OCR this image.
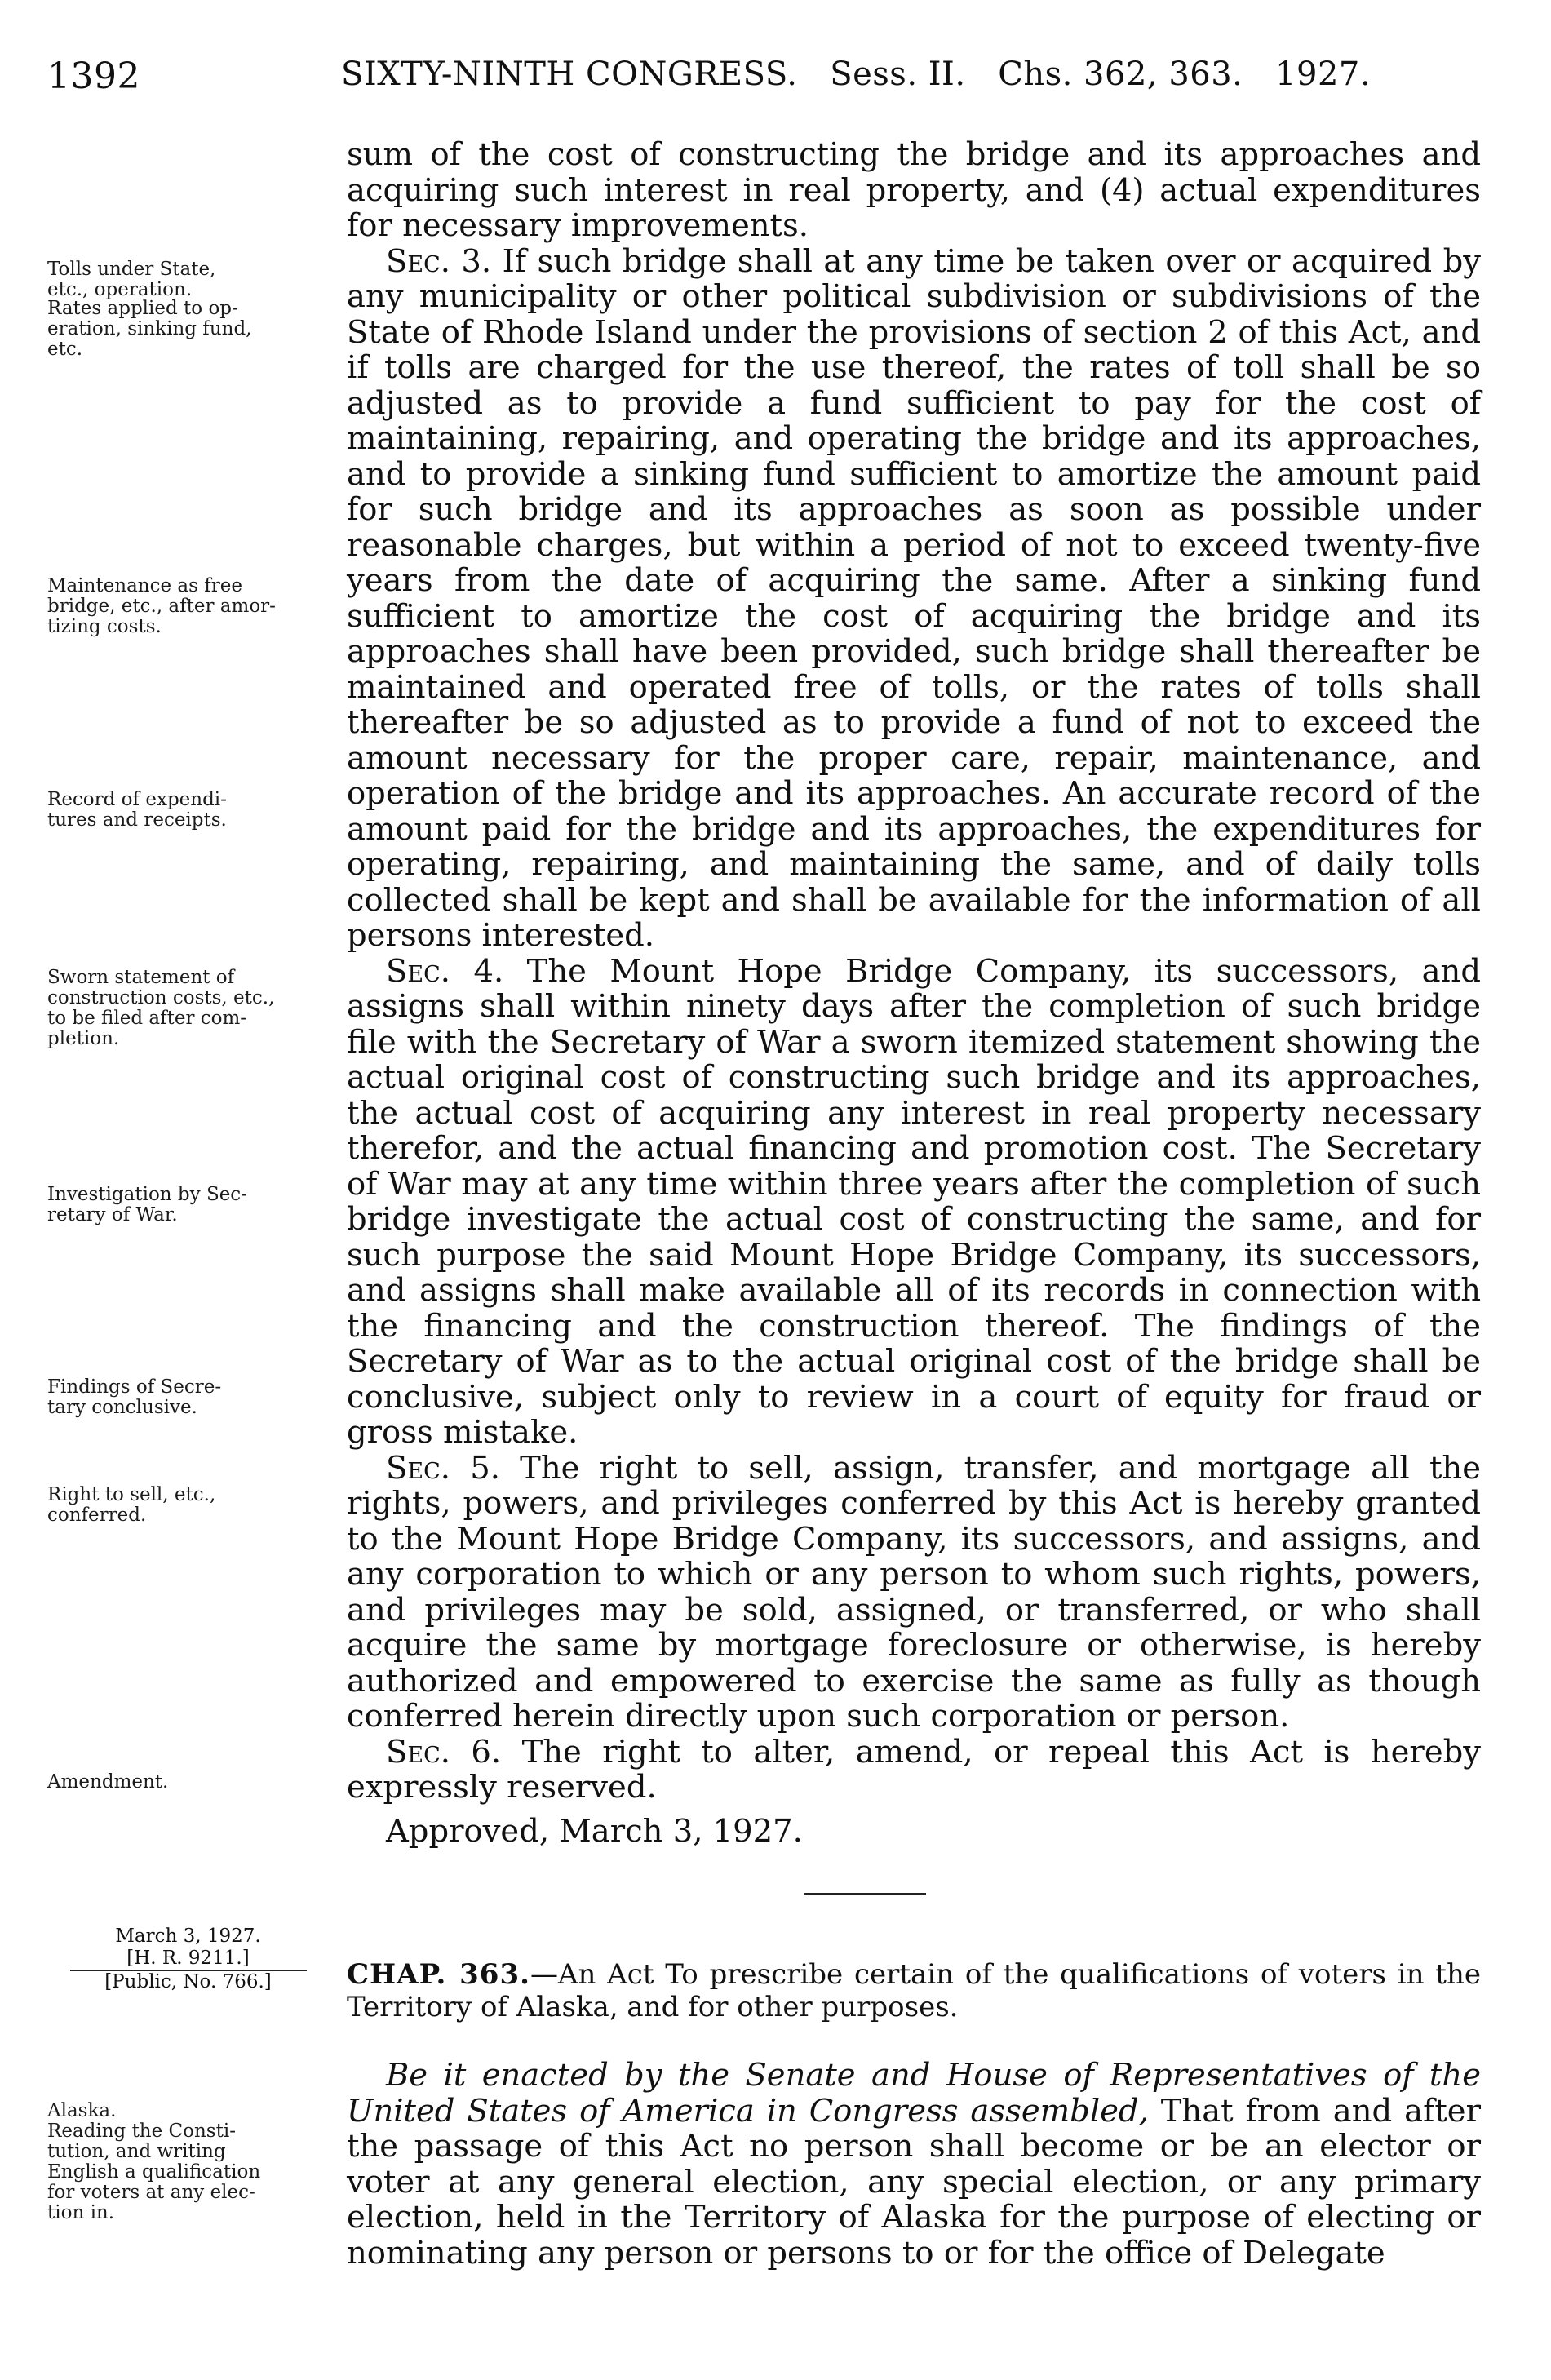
1392	SIXTY-NINTH CONGRESS. Sess. II. Chs. 362, 363. 1927.
Tolls under State,
etc., operation.
Rates applied to op-
eration, sinking fund,
etc.
Maintenance as free
bridge, etc., after amor-
tizing costs.
Record of expendi-
tures and receipts.
Sworn statement of
construction costs, etc.,
to be filed after com-
pletion.
Investigation by Sec-
retary of War.
Findings of Secre-
tary conclusive.
Right to sell, etc.,
conferred.
Amendment.

sum of the cost of constructing the bridge and its approaches and acquiring such interest in real property, and (4) actual expenditures for necessary improvements.

Sec. 3. If such bridge shall at any time be taken over or acquired by any municipality or other political subdivision or subdivisions of the State of Rhode Island under the provisions of section 2 of this Act, and if tolls are charged for the use thereof, the rates of toll shall be so adjusted as to provide a fund sufficient to pay for the cost of maintaining, repairing, and operating the bridge and its approaches, and to provide a sinking fund sufficient to amortize the amount paid for such bridge and its approaches as soon as possible under reasonable charges, but within a period of not to exceed twenty-five years from the date of acquiring the same. After a sinking fund sufficient to amortize the cost of acquiring the bridge and its approaches shall have been provided, such bridge shall thereafter be maintained and operated free of tolls, or the rates of tolls shall thereafter be so adjusted as to provide a fund of not to exceed the amount necessary for the proper care, repair, maintenance, and operation of the bridge and its approaches. An accurate record of the amount paid for the bridge and its approaches, the expenditures for operating, repairing, and maintaining the same, and of daily tolls collected shall be kept and shall be available for the information of all persons interested.

Sec. 4. The Mount Hope Bridge Company, its successors, and assigns shall within ninety days after the completion of such bridge file with the Secretary of War a sworn itemized statement showing the actual original cost of constructing such bridge and its approaches, the actual cost of acquiring any interest in real property necessary therefor, and the actual financing and promotion cost. The Secretary of War may at any time within three years after the completion of such bridge investigate the actual cost of constructing the same, and for such purpose the said Mount Hope Bridge Company, its successors, and assigns shall make available all of its records in connection with the financing and the construction thereof. The findings of the Secretary of War as to the actual original cost of the bridge shall be conclusive, subject only to review in a court of equity for fraud or gross mistake.

Sec. 5. The right to sell, assign, transfer, and mortgage all the rights, powers, and privileges conferred by this Act is hereby granted to the Mount Hope Bridge Company, its successors, and assigns, and any corporation to which or any person to whom such rights, powers, and privileges may be sold, assigned, or transferred, or who shall acquire the same by mortgage foreclosure or otherwise, is hereby authorized and empowered to exercise the same as fully as though conferred herein directly upon such corporation or person.

Sec. 6. The right to alter, amend, or repeal this Act is hereby expressly reserved.

Approved, March 3, 1927.

March 3, 1927.
[H. R. 9211.]
[Public, No. 766.]	CHAP. 363.—An Act To prescribe certain of the qualifications of voters in the Territory of Alaska, and for other purposes.
Alaska.
Reading the Consti-
tution, and writing
English a qualification
for voters at any elec-
tion in.

Be it enacted by the Senate and House of Representatives of the United States of America in Congress assembled, That from and after the passage of this Act no person shall become or be an elector or voter at any general election, any special election, or any primary election, held in the Territory of Alaska for the purpose of electing or nominating any person or persons to or for the office of Delegate
